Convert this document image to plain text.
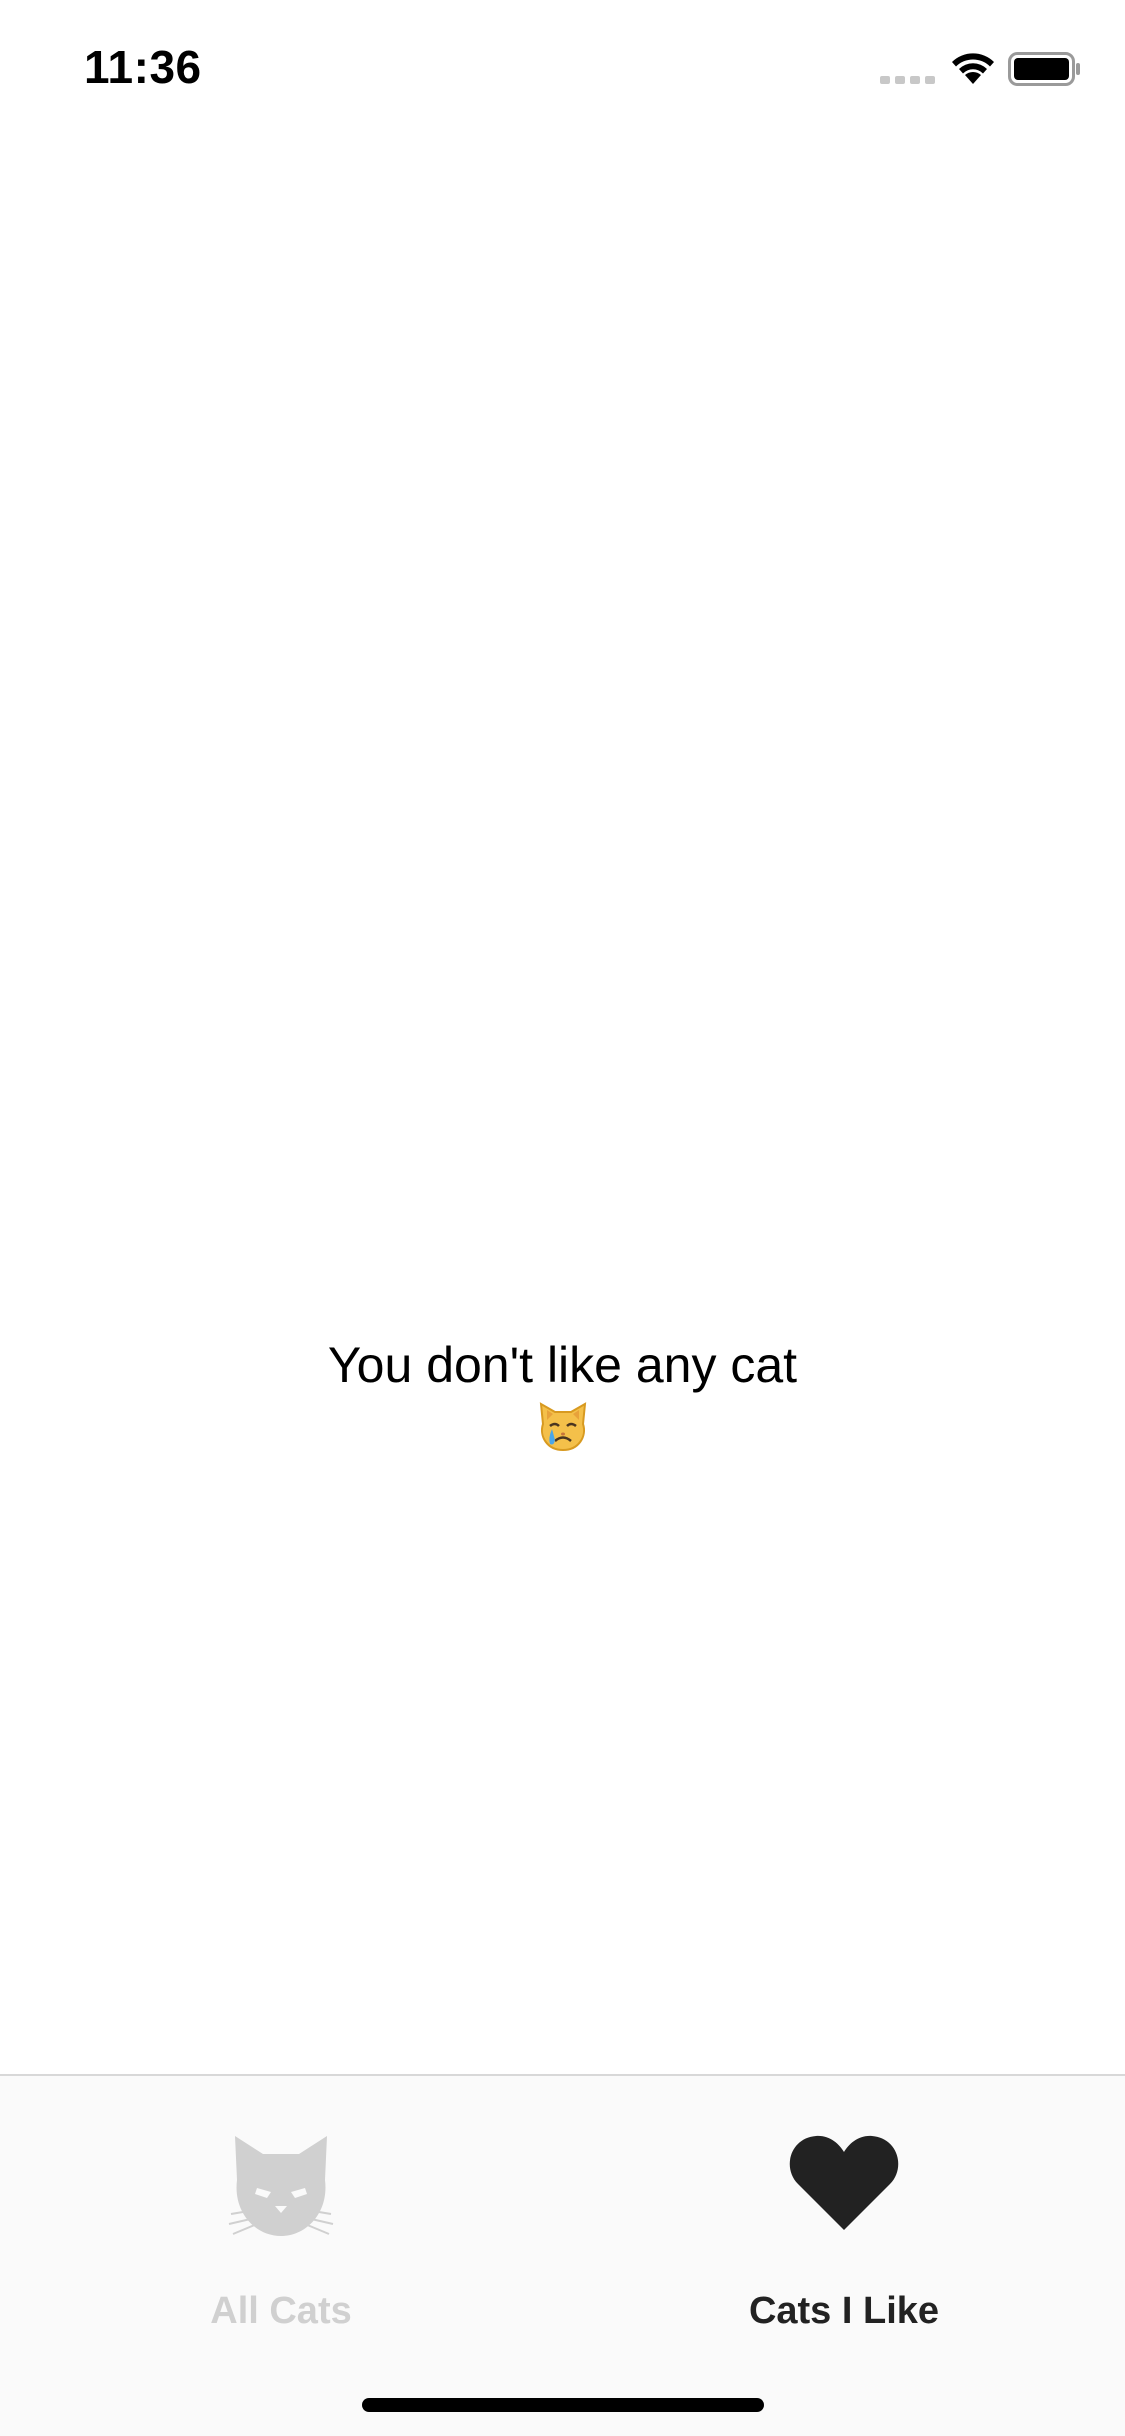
11:36
You don't like any cat
All Cats	Cats I Like
